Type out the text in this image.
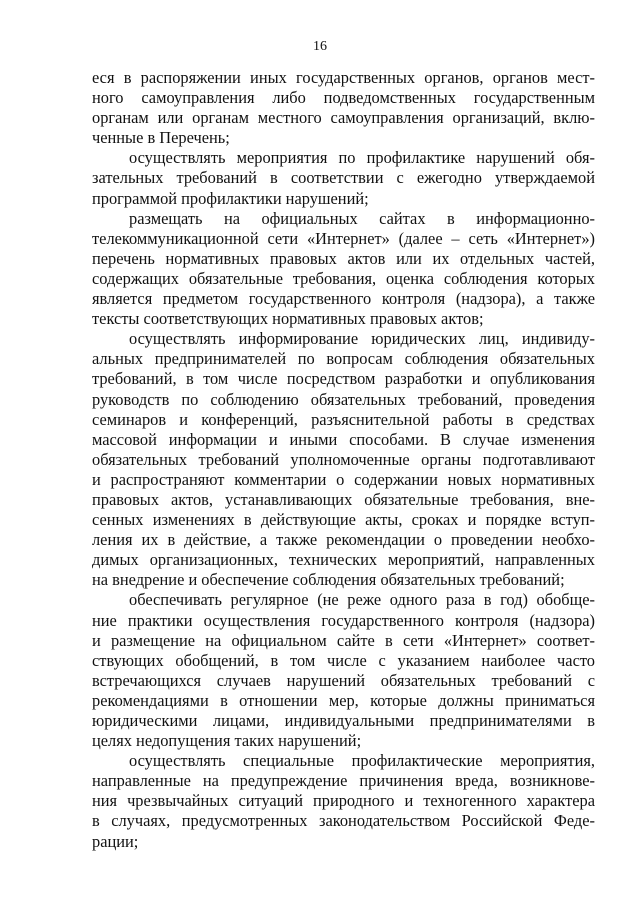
16
еся в распоряжении иных государственных органов, органов мест-
ного самоуправления либо подведомственных государственным
органам или органам местного самоуправления организаций, вклю-
ченные в Перечень;
осуществлять мероприятия по профилактике нарушений обя-
зательных требований в соответствии с ежегодно утверждаемой
программой профилактики нарушений;
размещать на официальных сайтах в информационно-
телекоммуникационной сети «Интернет» (далее – сеть «Интернет»)
перечень нормативных правовых актов или их отдельных частей,
содержащих обязательные требования, оценка соблюдения которых
является предметом государственного контроля (надзора), а также
тексты соответствующих нормативных правовых актов;
осуществлять информирование юридических лиц, индивиду-
альных предпринимателей по вопросам соблюдения обязательных
требований, в том числе посредством разработки и опубликования
руководств по соблюдению обязательных требований, проведения
семинаров и конференций, разъяснительной работы в средствах
массовой информации и иными способами. В случае изменения
обязательных требований уполномоченные органы подготавливают
и распространяют комментарии о содержании новых нормативных
правовых актов, устанавливающих обязательные требования, вне-
сенных изменениях в действующие акты, сроках и порядке вступ-
ления их в действие, а также рекомендации о проведении необхо-
димых организационных, технических мероприятий, направленных
на внедрение и обеспечение соблюдения обязательных требований;
обеспечивать регулярное (не реже одного раза в год) обобще-
ние практики осуществления государственного контроля (надзора)
и размещение на официальном сайте в сети «Интернет» соответ-
ствующих обобщений, в том числе с указанием наиболее часто
встречающихся случаев нарушений обязательных требований с
рекомендациями в отношении мер, которые должны приниматься
юридическими лицами, индивидуальными предпринимателями в
целях недопущения таких нарушений;
осуществлять специальные профилактические мероприятия,
направленные на предупреждение причинения вреда, возникнове-
ния чрезвычайных ситуаций природного и техногенного характера
в случаях, предусмотренных законодательством Российской Феде-
рации;
